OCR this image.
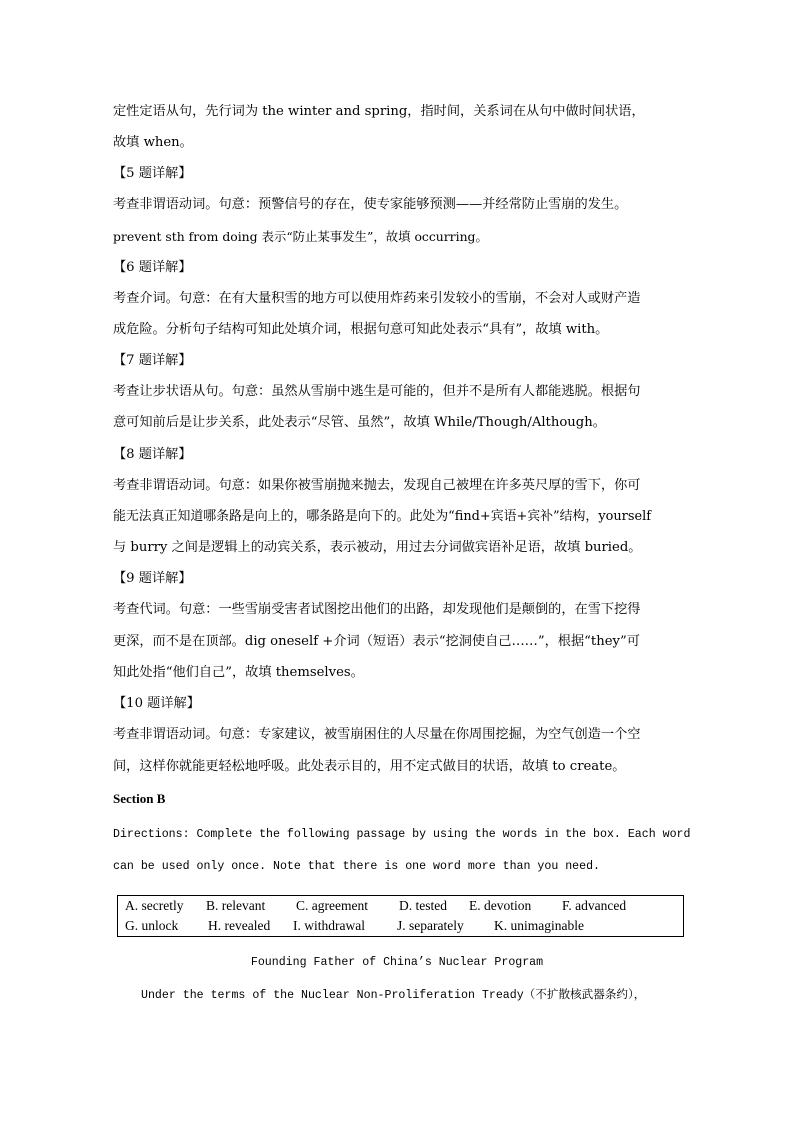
定性定语从句，先行词为 the winter and spring，指时间，关系词在从句中做时间状语，
故填 when。
【5 题详解】
考查非谓语动词。句意：预警信号的存在，使专家能够预测——并经常防止雪崩的发生。
prevent sth from doing 表示“防止某事发生”，故填 occurring。
【6 题详解】
考查介词。句意：在有大量积雪的地方可以使用炸药来引发较小的雪崩，不会对人或财产造
成危险。分析句子结构可知此处填介词，根据句意可知此处表示“具有”，故填 with。
【7 题详解】
考查让步状语从句。句意：虽然从雪崩中逃生是可能的，但并不是所有人都能逃脱。根据句
意可知前后是让步关系，此处表示“尽管、虽然”，故填 While/Though/Although。
【8 题详解】
考查非谓语动词。句意：如果你被雪崩抛来抛去，发现自己被埋在许多英尺厚的雪下，你可
能无法真正知道哪条路是向上的，哪条路是向下的。此处为“find+宾语+宾补”结构，yourself
与 burry 之间是逻辑上的动宾关系，表示被动，用过去分词做宾语补足语，故填 buried。
【9 题详解】
考查代词。句意：一些雪崩受害者试图挖出他们的出路，却发现他们是颠倒的，在雪下挖得
更深，而不是在顶部。dig oneself +介词（短语）表示“挖洞使自己……”，根据“they”可
知此处指“他们自己”，故填 themselves。
【10 题详解】
考查非谓语动词。句意：专家建议，被雪崩困住的人尽量在你周围挖掘，为空气创造一个空
间，这样你就能更轻松地呼吸。此处表示目的，用不定式做目的状语，故填 to create。
Section B
Directions: Complete the following passage by using the words in the box. Each word
can be used only once. Note that there is one word more than you need.
A. secretly B. relevant C. agreement D. tested E. devotion F. advanced
G. unlock H. revealed I. withdrawal J. separately K. unimaginable
Founding Father of China’s Nuclear Program
Under the terms of the Nuclear Non-Proliferation Tready（不扩散核武器条约），
